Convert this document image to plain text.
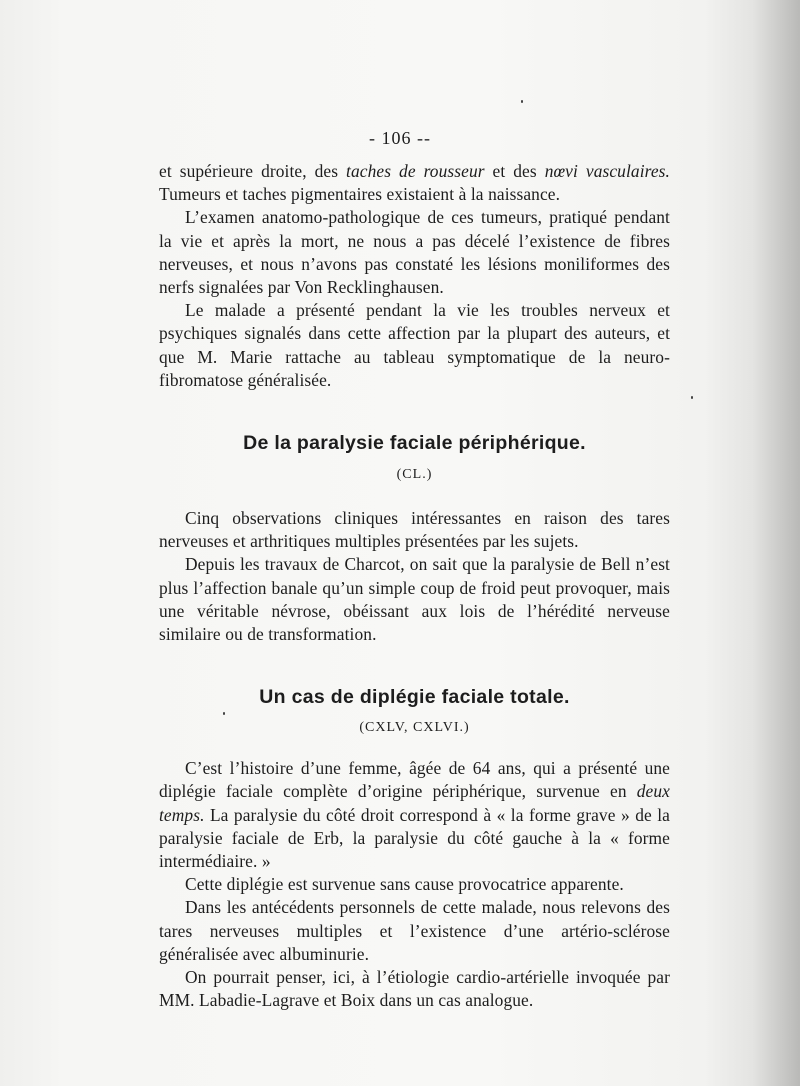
- 106 --

et supérieure droite, des taches de rousseur et des nœvi vasculaires. Tumeurs et taches pigmentaires existaient à la naissance.

L’examen anatomo-pathologique de ces tumeurs, pratiqué pendant la vie et après la mort, ne nous a pas décelé l’existence de fibres nerveuses, et nous n’avons pas constaté les lésions moniliformes des nerfs signalées par Von Recklinghausen.

Le malade a présenté pendant la vie les troubles nerveux et psychiques signalés dans cette affection par la plupart des auteurs, et que M. Marie rattache au tableau symptomatique de la neuro-fibromatose généralisée.

De la paralysie faciale périphérique.

(CL.)

Cinq observations cliniques intéressantes en raison des tares nerveuses et arthritiques multiples présentées par les sujets.

Depuis les travaux de Charcot, on sait que la paralysie de Bell n’est plus l’affection banale qu’un simple coup de froid peut provoquer, mais une véritable névrose, obéissant aux lois de l’hérédité nerveuse similaire ou de transformation.

Un cas de diplégie faciale totale.

(CXLV, CXLVI.)

C’est l’histoire d’une femme, âgée de 64 ans, qui a présenté une diplégie faciale complète d’origine périphérique, survenue en deux temps. La paralysie du côté droit correspond à « la forme grave » de la paralysie faciale de Erb, la paralysie du côté gauche à la « forme intermédiaire. »

Cette diplégie est survenue sans cause provocatrice apparente.

Dans les antécédents personnels de cette malade, nous relevons des tares nerveuses multiples et l’existence d’une artério-sclérose généralisée avec albuminurie.

On pourrait penser, ici, à l’étiologie cardio-artérielle invoquée par MM. Labadie-Lagrave et Boix dans un cas analogue.
